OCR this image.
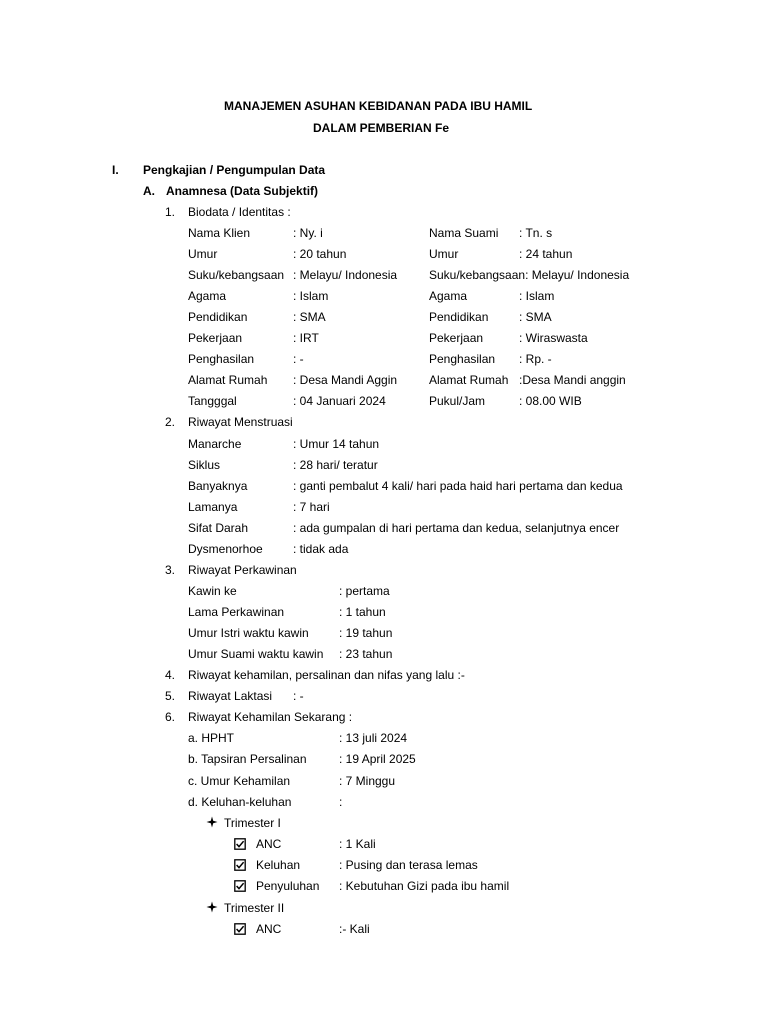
MANAJEMEN ASUHAN KEBIDANAN PADA IBU HAMIL
DALAM PEMBERIAN Fe
I. Pengkajian / Pengumpulan Data
A. Anamnesa (Data Subjektif)
1. Biodata / Identitas :
Nama Klien	: Ny. i	Nama Suami : Tn. s
Umur	: 20 tahun	Umur	: 24 tahun
Suku/kebangsaan : Melayu/ Indonesia	Suku/kebangsaan: Melayu/ Indonesia
Agama	: Islam	Agama	: Islam
Pendidikan	: SMA	Pendidikan	: SMA
Pekerjaan	: IRT	Pekerjaan	: Wiraswasta
Penghasilan	: -	Penghasilan : Rp. -
Alamat Rumah : Desa Mandi Aggin	Alamat Rumah :Desa Mandi anggin
Tangggal	: 04 Januari 2024	Pukul/Jam	: 08.00 WIB
2. Riwayat Menstruasi
Manarche	: Umur 14 tahun
Siklus	: 28 hari/ teratur
Banyaknya	: ganti pembalut 4 kali/ hari pada haid hari pertama dan kedua
Lamanya	: 7 hari
Sifat Darah	: ada gumpalan di hari pertama dan kedua, selanjutnya encer
Dysmenorhoe	: tidak ada
3. Riwayat Perkawinan
Kawin ke	: pertama
Lama Perkawinan	: 1 tahun
Umur Istri waktu kawin	: 19 tahun
Umur Suami waktu kawin : 23 tahun
4. Riwayat kehamilan, persalinan dan nifas yang lalu :-
5. Riwayat Laktasi : -
6. Riwayat Kehamilan Sekarang :
a. HPHT	: 13 juli 2024
b. Tapsiran Persalinan	: 19 April 2025
c. Umur Kehamilan	: 7 Minggu
d. Keluhan-keluhan	:
Trimester I
ANC	: 1 Kali
Keluhan	: Pusing dan terasa lemas
Penyuluhan : Kebutuhan Gizi pada ibu hamil
Trimester II
ANC	:- Kali
